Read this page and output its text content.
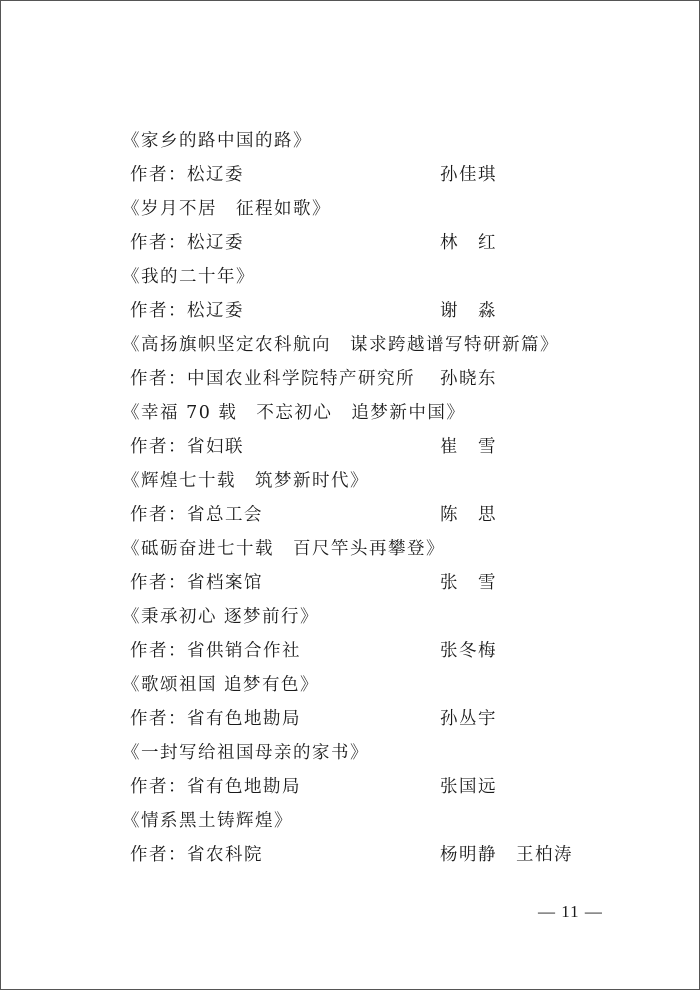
《家乡的路中国的路》
作者：松辽委	孙佳琪
《岁月不居　征程如歌》
作者：松辽委	林　红
《我的二十年》
作者：松辽委	谢　淼
《高扬旗帜坚定农科航向　谋求跨越谱写特研新篇》
作者：中国农业科学院特产研究所 孙晓东
《幸福 70 载　不忘初心　追梦新中国》
作者：省妇联	崔　雪
《辉煌七十载　筑梦新时代》
作者：省总工会	陈　思
《砥砺奋进七十载　百尺竿头再攀登》
作者：省档案馆	张　雪
《秉承初心 逐梦前行》
作者：省供销合作社	张冬梅
《歌颂祖国 追梦有色》
作者：省有色地勘局	孙丛宇
《一封写给祖国母亲的家书》
作者：省有色地勘局	张国远
《情系黑土铸辉煌》
作者：省农科院	杨明静　王柏涛
— 11 —
